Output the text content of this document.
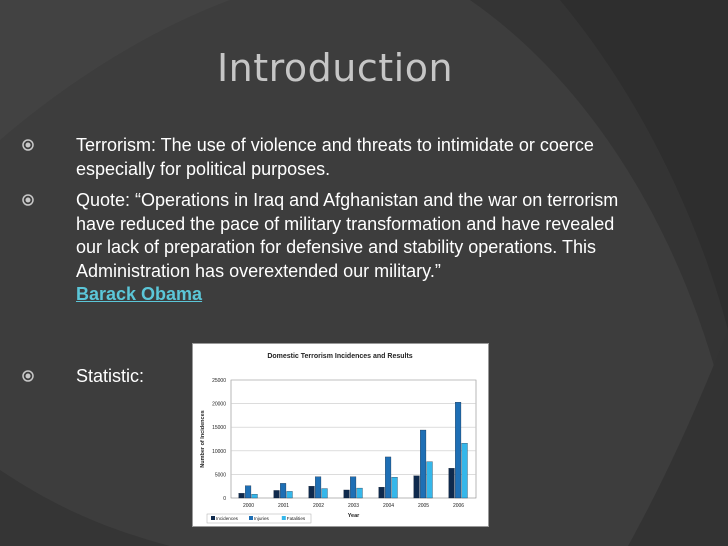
Introduction
Terrorism: The use of violence and threats to intimidate or coerce especially for political purposes.
Quote: “Operations in Iraq and Afghanistan and the war on terrorism have reduced the pace of military transformation and have revealed our lack of preparation for defensive and stability operations. This Administration has overextended our military.”
Barack Obama
Statistic:
Domestic Terrorism Incidences and Results
0
5000
10000
15000
20000
25000
2000	2001	2002	2003	2004	2005	2006
Year
Number of Incidences
Incidences	Injuries	Fatalities
